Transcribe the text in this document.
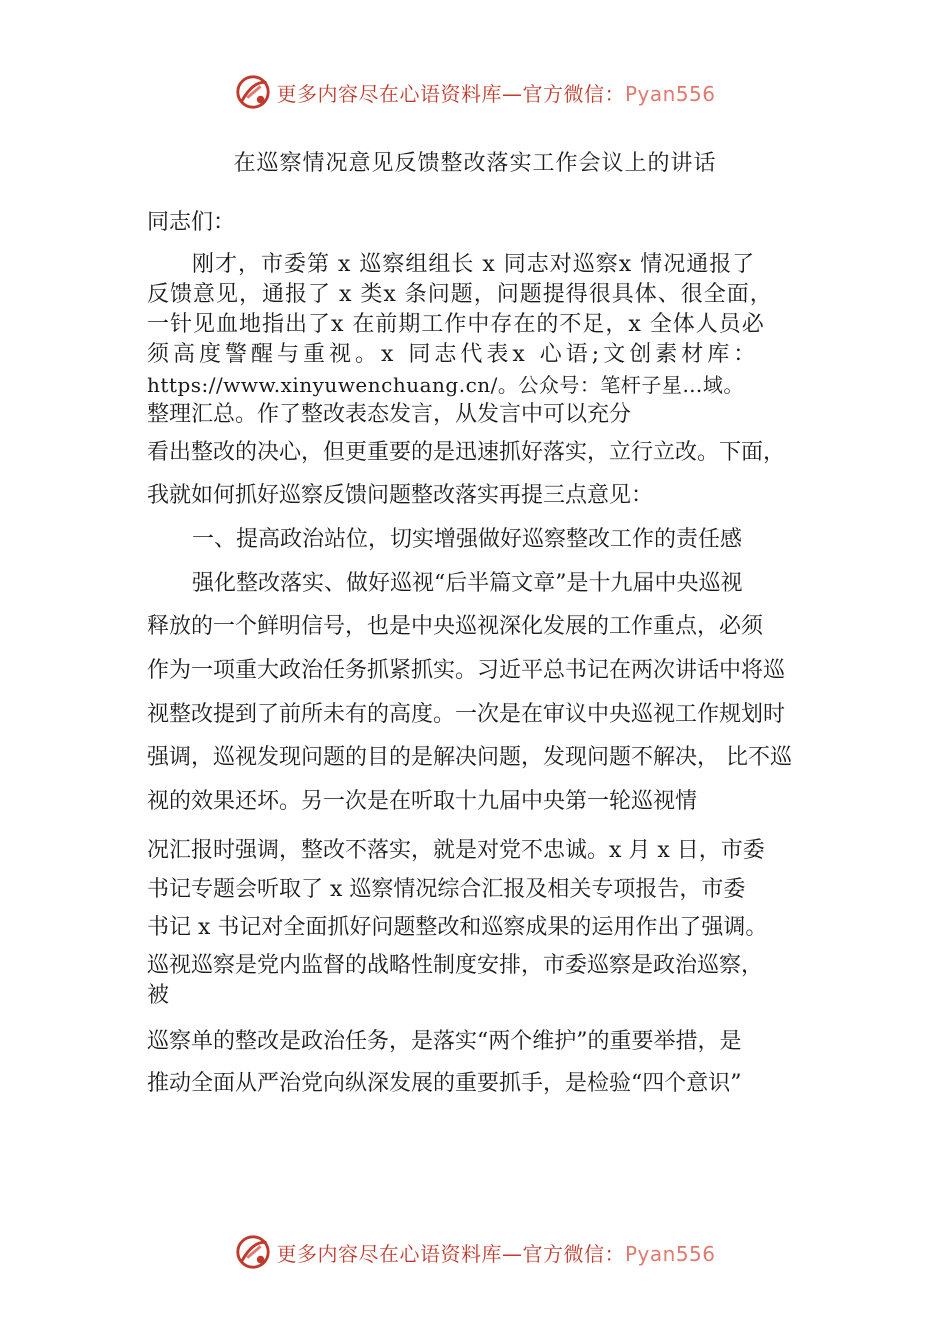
更多内容尽在心语资料库—官方微信：Pyan556
在巡察情况意见反馈整改落实工作会议上的讲话
同志们：
刚才，市委第 x 巡察组组长 x 同志对巡察x 情况通报了
反馈意见，通报了 x 类x 条问题，问题提得很具体、很全面，
一针见血地指出了x 在前期工作中存在的不足，x 全体人员必
须高度警醒与重视。x 同志代表x 心语;文创素材库：
https://www.xinyuwenchuang.cn/。公众号：笔杆子星…域。
整理汇总。作了整改表态发言，从发言中可以充分
看出整改的决心，但更重要的是迅速抓好落实，立行立改。下面，
我就如何抓好巡察反馈问题整改落实再提三点意见：
一、提高政治站位，切实增强做好巡察整改工作的责任感
强化整改落实、做好巡视“后半篇文章”是十九届中央巡视
释放的一个鲜明信号，也是中央巡视深化发展的工作重点，必须
作为一项重大政治任务抓紧抓实。习近平总书记在两次讲话中将巡
视整改提到了前所未有的高度。一次是在审议中央巡视工作规划时
强调，巡视发现问题的目的是解决问题，发现问题不解决， 比不巡
视的效果还坏。另一次是在听取十九届中央第一轮巡视情
况汇报时强调，整改不落实，就是对党不忠诚。x 月 x 日，市委
书记专题会听取了 x 巡察情况综合汇报及相关专项报告，市委
书记 x 书记对全面抓好问题整改和巡察成果的运用作出了强调。
巡视巡察是党内监督的战略性制度安排，市委巡察是政治巡察，
被
巡察单的整改是政治任务，是落实“两个维护”的重要举措，是
推动全面从严治党向纵深发展的重要抓手，是检验“四个意识”
更多内容尽在心语资料库—官方微信：Pyan556
